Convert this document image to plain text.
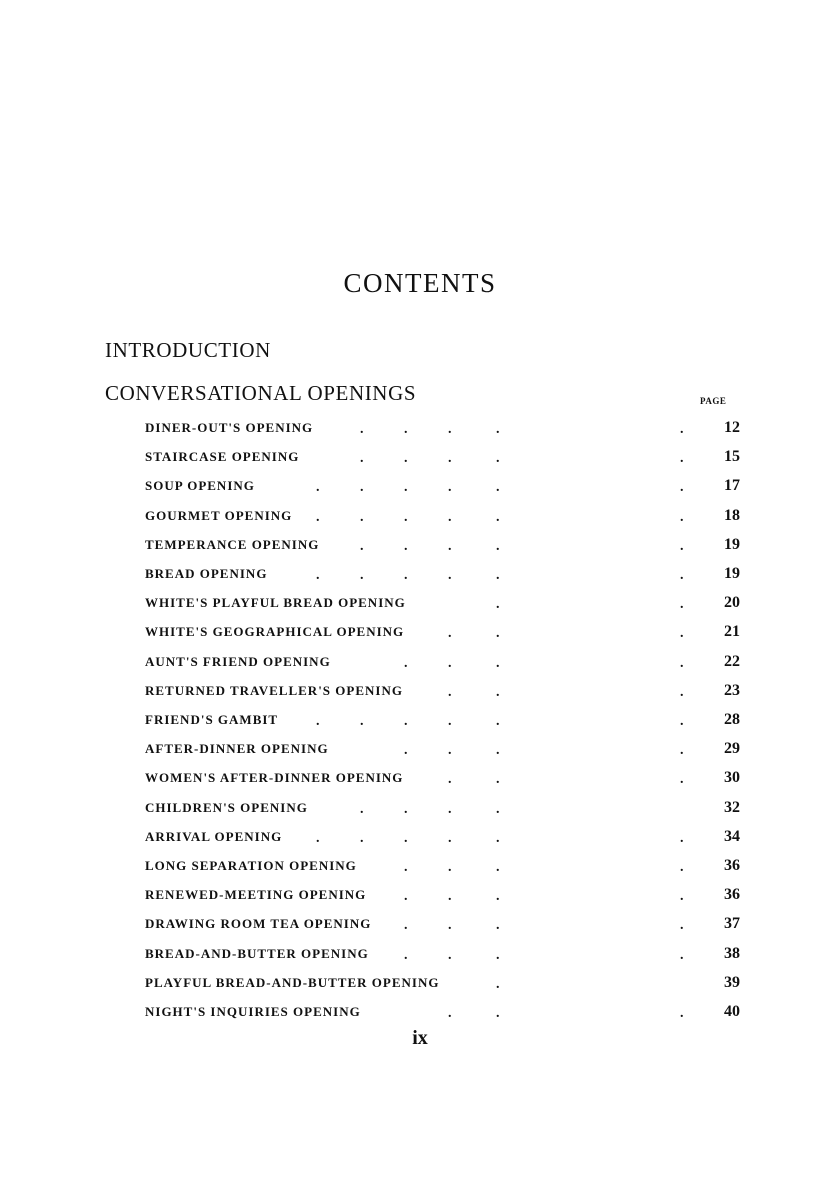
CONTENTS
INTRODUCTION
CONVERSATIONAL OPENINGS	PAGE
DINER-OUT'S OPENING	.	.	.	.	.	12
STAIRCASE OPENING	.	.	.	.	.	15
SOUP OPENING	.	.	.	.	.	.	17
GOURMET OPENING .	.	.	.	.	.	18
TEMPERANCE OPENING	.	.	.	.	.	19
BREAD OPENING	.	.	.	.	.	.	19
WHITE'S PLAYFUL BREAD OPENING	.	.	20
WHITE'S GEOGRAPHICAL OPENING	.	.	.	21
AUNT'S FRIEND OPENING	.	.	.	.	22
RETURNED TRAVELLER'S OPENING	.	.	.	23
FRIEND'S GAMBIT	.	.	.	.	.	.	28
AFTER-DINNER OPENING	.	.	.	.	29
WOMEN'S AFTER-DINNER OPENING	.	.	.	30
CHILDREN'S OPENING	.	.	.	.	32
ARRIVAL OPENING .	.	.	.	.	.	34
LONG SEPARATION OPENING	.	.	.	.	36
RENEWED-MEETING OPENING	.	.	.	.	36
DRAWING ROOM TEA OPENING .	.	.	.	37
BREAD-AND-BUTTER OPENING	.	.	.	.	38
PLAYFUL BREAD-AND-BUTTER OPENING	.	39
NIGHT'S INQUIRIES OPENING	.	.	.	40
ix
